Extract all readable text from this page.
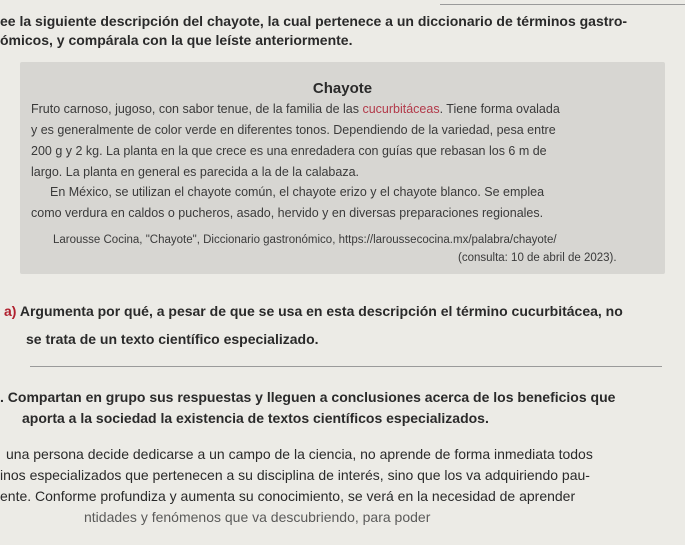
ee la siguiente descripción del chayote, la cual pertenece a un diccionario de términos gastro-
ómicos, y compárala con la que leíste anteriormente.
Chayote
Fruto carnoso, jugoso, con sabor tenue, de la familia de las cucurbitáceas. Tiene forma ovalada
y es generalmente de color verde en diferentes tonos. Dependiendo de la variedad, pesa entre
200 g y 2 kg. La planta en la que crece es una enredadera con guías que rebasan los 6 m de
largo. La planta en general es parecida a la de la calabaza.
En México, se utilizan el chayote común, el chayote erizo y el chayote blanco. Se emplea
como verdura en caldos o pucheros, asado, hervido y en diversas preparaciones regionales.
Larousse Cocina, "Chayote", Diccionario gastronómico, https://laroussecocina.mx/palabra/chayote/
(consulta: 10 de abril de 2023).
a) Argumenta por qué, a pesar de que se usa en esta descripción el término cucurbitácea, no
se trata de un texto científico especializado.
. Compartan en grupo sus respuestas y lleguen a conclusiones acerca de los beneficios que
aporta a la sociedad la existencia de textos científicos especializados.
una persona decide dedicarse a un campo de la ciencia, no aprende de forma inmediata todos
inos especializados que pertenecen a su disciplina de interés, sino que los va adquiriendo pau-
ente. Conforme profundiza y aumenta su conocimiento, se verá en la necesidad de aprender
ntidades y fenómenos que va descubriendo, para poder
